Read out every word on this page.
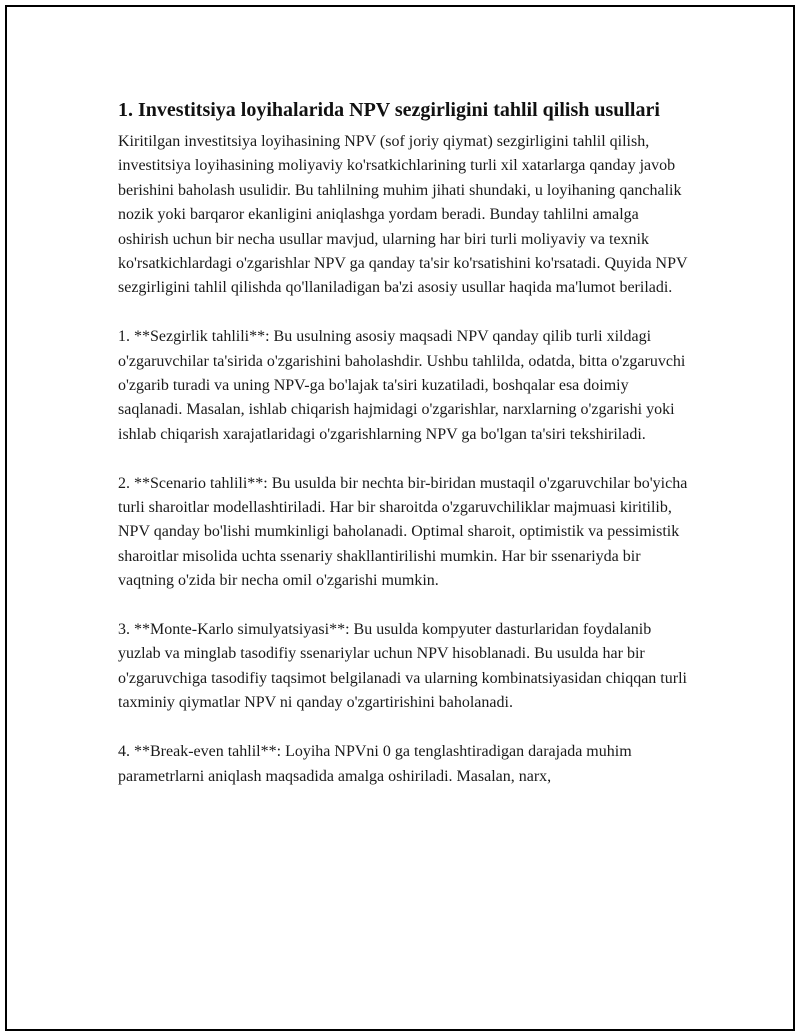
1. Investitsiya loyihalarida NPV sezgirligini tahlil qilish usullari

Kiritilgan investitsiya loyihasining NPV (sof joriy qiymat) sezgirligini tahlil qilish, investitsiya loyihasining moliyaviy ko'rsatkichlarining turli xil xatarlarga qanday javob berishini baholash usulidir. Bu tahlilning muhim jihati shundaki, u loyihaning qanchalik nozik yoki barqaror ekanligini aniqlashga yordam beradi. Bunday tahlilni amalga oshirish uchun bir necha usullar mavjud, ularning har biri turli moliyaviy va texnik ko'rsatkichlardagi o'zgarishlar NPV ga qanday ta'sir ko'rsatishini ko'rsatadi. Quyida NPV sezgirligini tahlil qilishda qo'llaniladigan ba'zi asosiy usullar haqida ma'lumot beriladi.

1. **Sezgirlik tahlili**: Bu usulning asosiy maqsadi NPV qanday qilib turli xildagi o'zgaruvchilar ta'sirida o'zgarishini baholashdir. Ushbu tahlilda, odatda, bitta o'zgaruvchi o'zgarib turadi va uning NPV-ga bo'lajak ta'siri kuzatiladi, boshqalar esa doimiy saqlanadi. Masalan, ishlab chiqarish hajmidagi o'zgarishlar, narxlarning o'zgarishi yoki ishlab chiqarish xarajatlaridagi o'zgarishlarning NPV ga bo'lgan ta'siri tekshiriladi.

2. **Scenario tahlili**: Bu usulda bir nechta bir-biridan mustaqil o'zgaruvchilar bo'yicha turli sharoitlar modellashtiriladi. Har bir sharoitda o'zgaruvchiliklar majmuasi kiritilib, NPV qanday bo'lishi mumkinligi baholanadi. Optimal sharoit, optimistik va pessimistik sharoitlar misolida uchta ssenariy shakllantirilishi mumkin. Har bir ssenariyda bir vaqtning o'zida bir necha omil o'zgarishi mumkin.

3. **Monte-Karlo simulyatsiyasi**: Bu usulda kompyuter dasturlaridan foydalanib yuzlab va minglab tasodifiy ssenariylar uchun NPV hisoblanadi. Bu usulda har bir o'zgaruvchiga tasodifiy taqsimot belgilanadi va ularning kombinatsiyasidan chiqqan turli taxminiy qiymatlar NPV ni qanday o'zgartirishini baholanadi.

4. **Break-even tahlil**: Loyiha NPVni 0 ga tenglashtiradigan darajada muhim parametrlarni aniqlash maqsadida amalga oshiriladi. Masalan, narx,
